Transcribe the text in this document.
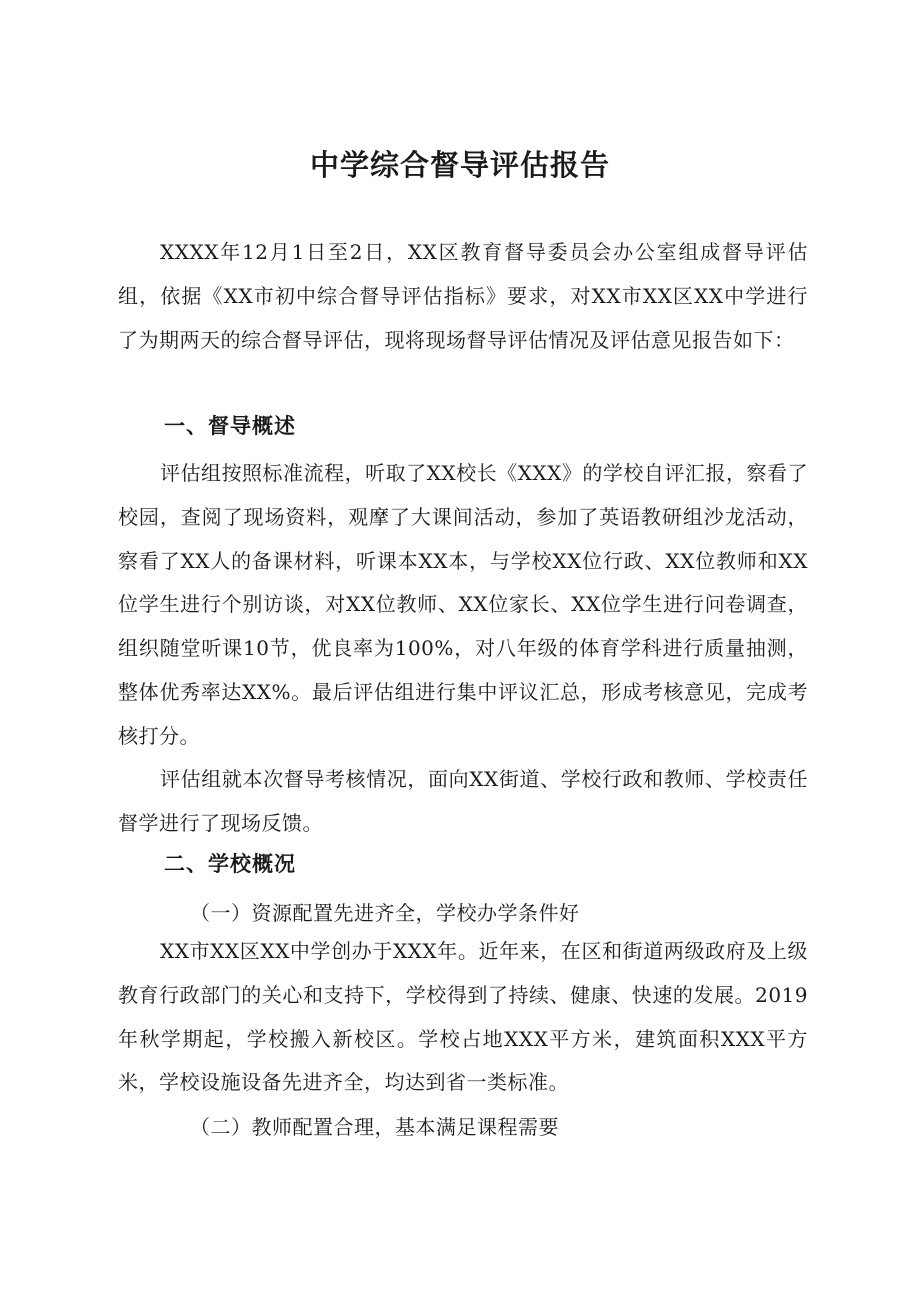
中学综合督导评估报告

XXXX年12月1日至2日，XX区教育督导委员会办公室组成督导评估组，依据《XX市初中综合督导评估指标》要求，对XX市XX区XX中学进行了为期两天的综合督导评估，现将现场督导评估情况及评估意见报告如下：

一、督导概述

评估组按照标准流程，听取了XX校长《XXX》的学校自评汇报，察看了校园，查阅了现场资料，观摩了大课间活动，参加了英语教研组沙龙活动，察看了XX人的备课材料，听课本XX本，与学校XX位行政、XX位教师和XX位学生进行个别访谈，对XX位教师、XX位家长、XX位学生进行问卷调查，组织随堂听课10节，优良率为100%，对八年级的体育学科进行质量抽测，整体优秀率达XX%。最后评估组进行集中评议汇总，形成考核意见，完成考核打分。

评估组就本次督导考核情况，面向XX街道、学校行政和教师、学校责任督学进行了现场反馈。

二、学校概况

（一）资源配置先进齐全，学校办学条件好

XX市XX区XX中学创办于XXX年。近年来，在区和街道两级政府及上级教育行政部门的关心和支持下，学校得到了持续、健康、快速的发展。2019年秋学期起，学校搬入新校区。学校占地XXX平方米，建筑面积XXX平方米，学校设施设备先进齐全，均达到省一类标准。

（二）教师配置合理，基本满足课程需要
